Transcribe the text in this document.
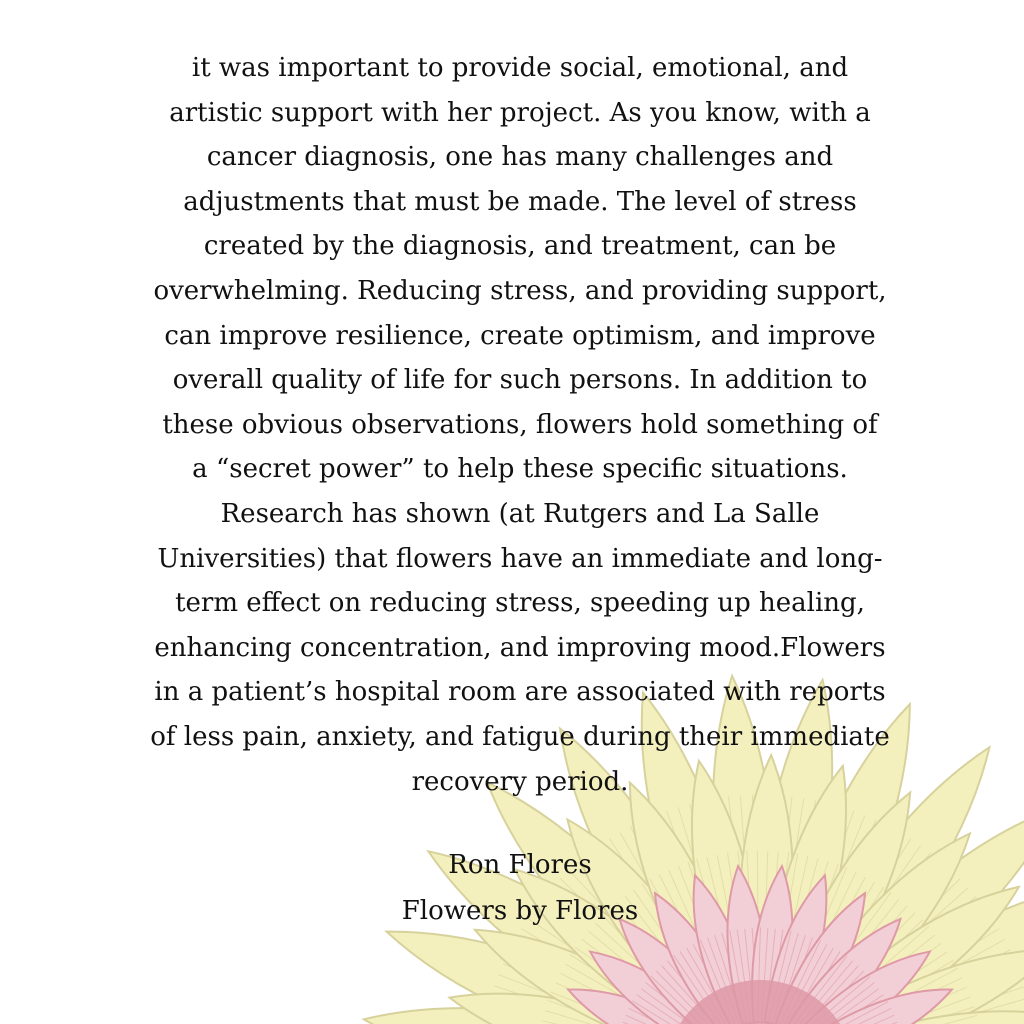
it was important to provide social, emotional, and
artistic support with her project. As you know, with a
cancer diagnosis, one has many challenges and
adjustments that must be made. The level of stress
created by the diagnosis, and treatment, can be
overwhelming. Reducing stress, and providing support,
can improve resilience, create optimism, and improve
overall quality of life for such persons. In addition to
these obvious observations, flowers hold something of
a “secret power” to help these specific situations.
Research has shown (at Rutgers and La Salle
Universities) that flowers have an immediate and long-
term effect on reducing stress, speeding up healing,
enhancing concentration, and improving mood.Flowers
in a patient’s hospital room are associated with reports
of less pain, anxiety, and fatigue during their immediate
recovery period.
Ron Flores
Flowers by Flores
